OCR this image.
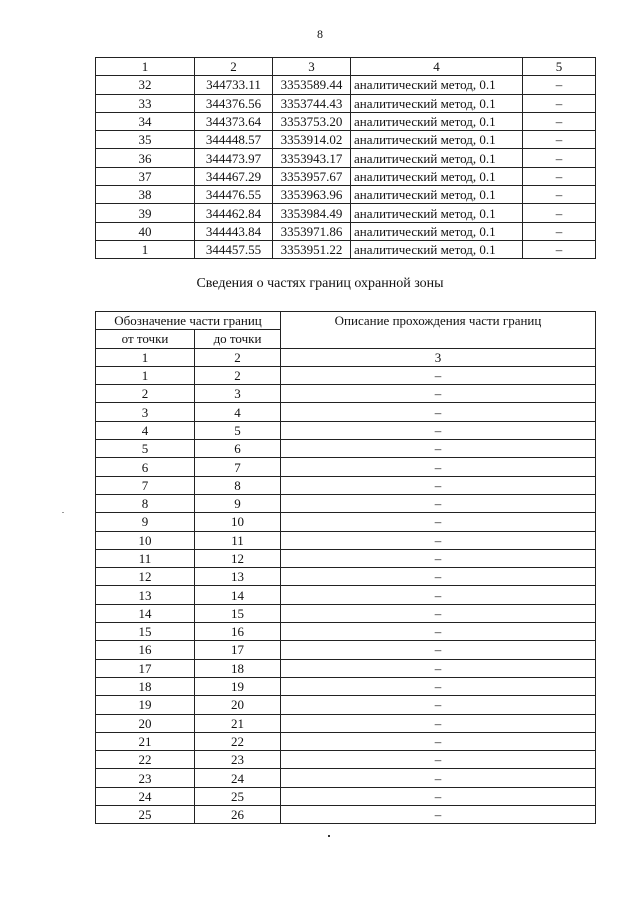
8
1	2	3	4	5
32	344733.11	3353589.44	аналитический метод, 0.1	–
33	344376.56	3353744.43	аналитический метод, 0.1	–
34	344373.64	3353753.20	аналитический метод, 0.1	–
35	344448.57	3353914.02	аналитический метод, 0.1	–
36	344473.97	3353943.17	аналитический метод, 0.1	–
37	344467.29	3353957.67	аналитический метод, 0.1	–
38	344476.55	3353963.96	аналитический метод, 0.1	–
39	344462.84	3353984.49	аналитический метод, 0.1	–
40	344443.84	3353971.86	аналитический метод, 0.1	–
1	344457.55	3353951.22	аналитический метод, 0.1	–
Сведения о частях границ охранной зоны
Обозначение части границ		Описание прохождения части границ
от точки	до точки	
1	2	3
1	2	–
2	3	–
3	4	–
4	5	–
5	6	–
6	7	–
7	8	–
8	9	–
9	10	–
10	11	–
11	12	–
12	13	–
13	14	–
14	15	–
15	16	–
16	17	–
17	18	–
18	19	–
19	20	–
20	21	–
21	22	–
22	23	–
23	24	–
24	25	–
25	26	–
